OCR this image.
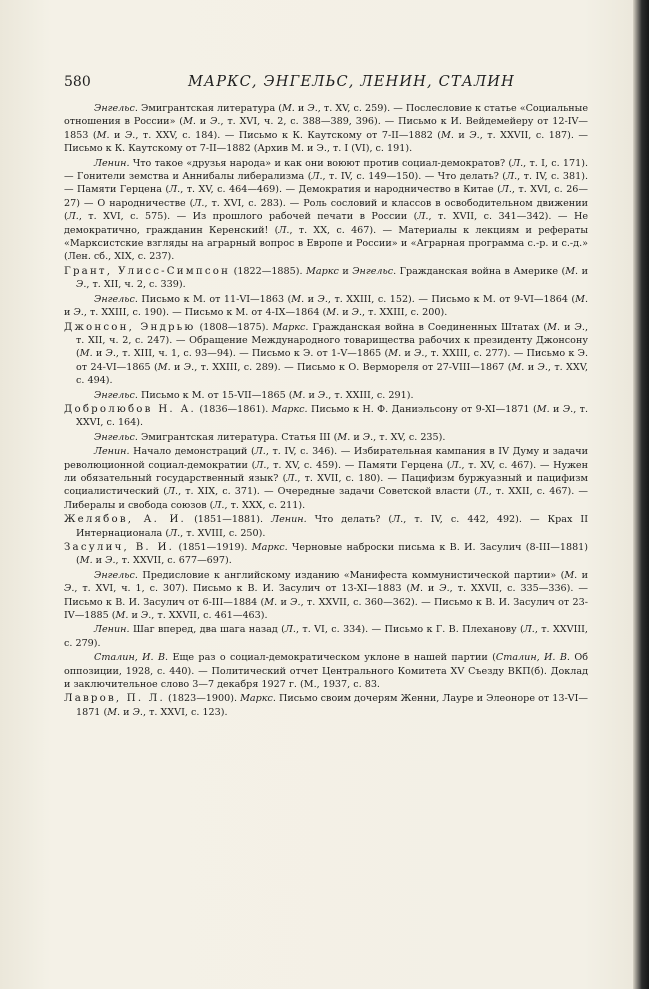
580	МАРКС, ЭНГЕЛЬС, ЛЕНИН, СТАЛИН

Энгельс. Эмигрантская литература (М. и Э., т. XV, с. 259). — Послесловие к статье «Социальные отношения в России» (М. и Э., т. XVI, ч. 2, с. 388—389, 396). — Письмо к И. Вейдемейеру от 12-IV—1853 (М. и Э., т. XXV, с. 184). — Письмо к К. Каутскому от 7-II—1882 (М. и Э., т. XXVII, с. 187). — Письмо к К. Каутскому от 7-II—1882 (Архив М. и Э., т. I (VI), с. 191).

Ленин. Что такое «друзья народа» и как они воюют против социал-демократов? (Л., т. I, с. 171). — Гонители земства и Аннибалы либерализма (Л., т. IV, с. 149—150). — Что делать? (Л., т. IV, с. 381). — Памяти Герцена (Л., т. XV, с. 464—469). — Демократия и народничество в Китае (Л., т. XVI, с. 26—27) — О народничестве (Л., т. XVI, с. 283). — Роль сословий и классов в освободительном движении (Л., т. XVI, с. 575). — Из прошлого рабочей печати в России (Л., т. XVII, с. 341—342). — Не демократично, гражданин Керенский! (Л., т. XX, с. 467). — Материалы к лекциям и рефераты «Марксистские взгляды на аграрный вопрос в Европе и России» и «Аграрная программа с.-р. и с.-д.» (Лен. сб., XIX, с. 237).

Грант, Улисс-Симпсон (1822—1885). Маркс и Энгельс. Гражданская война в Америке (М. и Э., т. XII, ч. 2, с. 339).

Энгельс. Письмо к М. от 11-VI—1863 (М. и Э., т. XXIII, с. 152). — Письмо к М. от 9-VI—1864 (М. и Э., т. XXIII, с. 190). — Письмо к М. от 4-IX—1864 (М. и Э., т. XXIII, с. 200).

Джонсон, Эндрью (1808—1875). Маркс. Гражданская война в Соединенных Штатах (М. и Э., т. XII, ч. 2, с. 247). — Обращение Международного товарищества рабочих к президенту Джонсону (М. и Э., т. XIII, ч. 1, с. 93—94). — Письмо к Э. от 1-V—1865 (М. и Э., т. XXIII, с. 277). — Письмо к Э. от 24-VI—1865 (М. и Э., т. XXIII, с. 289). — Письмо к О. Вермореля от 27-VIII—1867 (М. и Э., т. XXV, с. 494).

Энгельс. Письмо к М. от 15-VII—1865 (М. и Э., т. XXIII, с. 291).

Добролюбов Н. А. (1836—1861). Маркс. Письмо к Н. Ф. Даниэльсону от 9-XI—1871 (М. и Э., т. XXVI, с. 164).

Энгельс. Эмигрантская литература. Статья III (М. и Э., т. XV, с. 235).

Ленин. Начало демонстраций (Л., т. IV, с. 346). — Избирательная кампания в IV Думу и задачи революционной социал-демократии (Л., т. XV, с. 459). — Памяти Герцена (Л., т. XV, с. 467). — Нужен ли обязательный государственный язык? (Л., т. XVII, с. 180). — Пацифизм буржуазный и пацифизм социалистический (Л., т. XIX, с. 371). — Очередные задачи Советской власти (Л., т. XXII, с. 467). — Либералы и свобода союзов (Л., т. XXX, с. 211).

Желябов, А. И. (1851—1881). Ленин. Что делать? (Л., т. IV, с. 442, 492). — Крах II Интернационала (Л., т. XVIII, с. 250).

Засулич, В. И. (1851—1919). Маркс. Черновые наброски письма к В. И. Засулич (8-III—1881) (М. и Э., т. XXVII, с. 677—697).

Энгельс. Предисловие к английскому изданию «Манифеста коммунистической партии» (М. и Э., т. XVI, ч. 1, с. 307). Письмо к В. И. Засулич от 13-XI—1883 (М. и Э., т. XXVII, с. 335—336). — Письмо к В. И. Засулич от 6-III—1884 (М. и Э., т. XXVII, с. 360—362). — Письмо к В. И. Засулич от 23-IV—1885 (М. и Э., т. XXVII, с. 461—463).

Ленин. Шаг вперед, два шага назад (Л., т. VI, с. 334). — Письмо к Г. В. Плеханову (Л., т. XXVIII, с. 279).

Сталин, И. В. Еще раз о социал-демократическом уклоне в нашей партии (Сталин, И. В. Об оппозиции, 1928, с. 440). — Политический отчет Центрального Комитета XV Съезду ВКП(б). Доклад и заключительное слово 3—7 декабря 1927 г. (М., 1937, с. 83.

Лавров, П. Л. (1823—1900). Маркс. Письмо своим дочерям Женни, Лауре и Элеоноре от 13-VI—1871 (М. и Э., т. XXVI, с. 123).
